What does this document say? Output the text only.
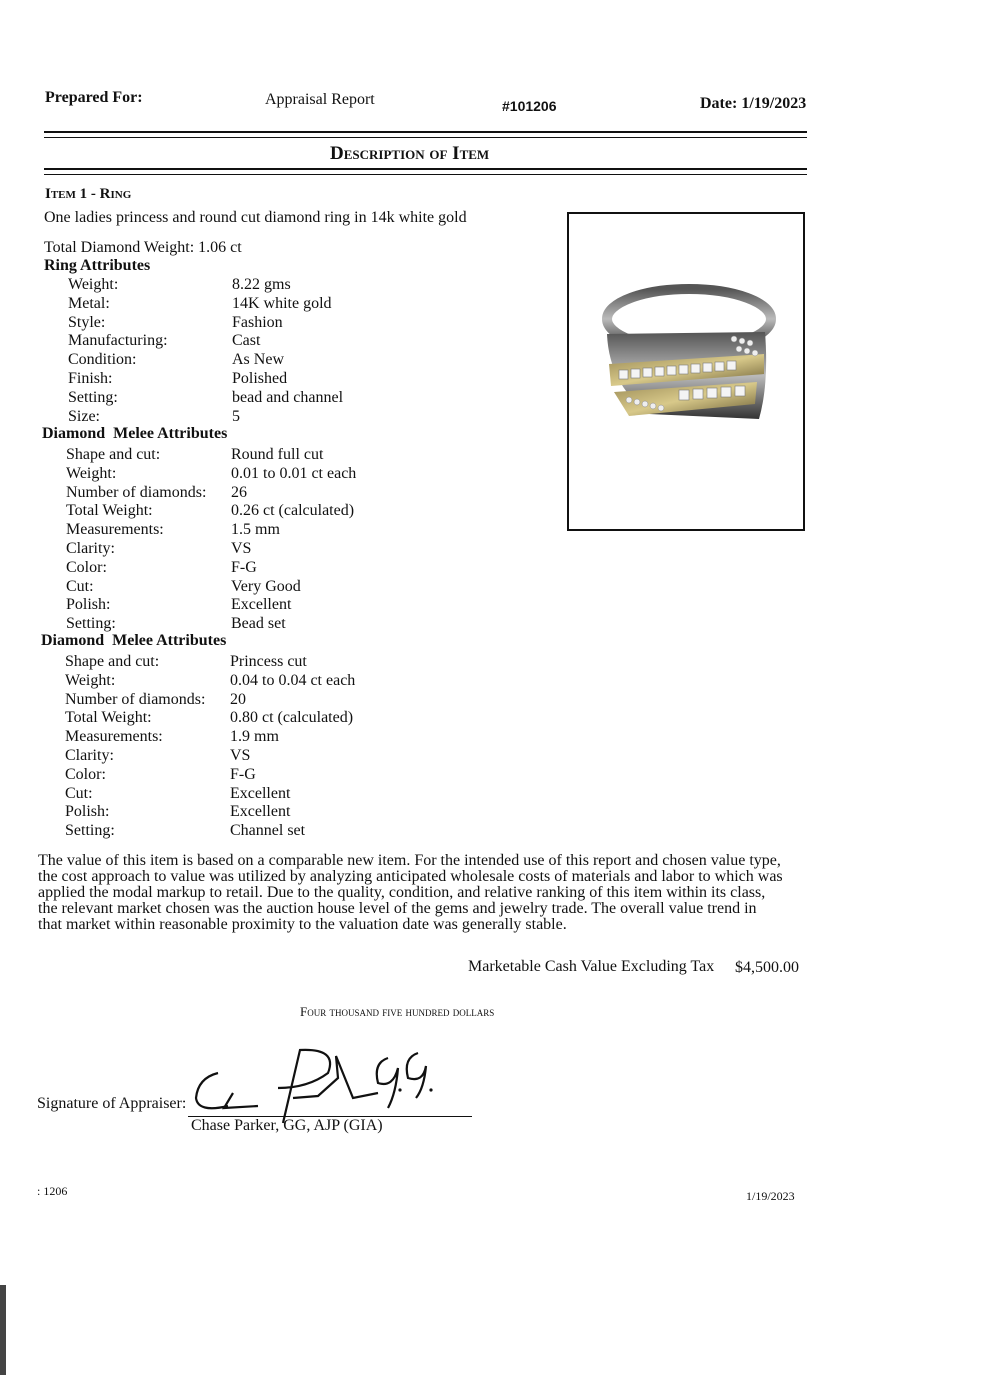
Prepared For:	Appraisal Report	#101206	Date: 1/19/2023
Description of Item
Item 1 - Ring
One ladies princess and round cut diamond ring in 14k white gold
Total Diamond Weight: 1.06 ct
Ring Attributes
Weight:	8.22 gms
Metal:	14K white gold
Style:	Fashion
Manufacturing:	Cast
Condition:	As New
Finish:	Polished
Setting:	bead and channel
Size:	5
Diamond  Melee Attributes
Shape and cut:	Round full cut
Weight:	0.01 to 0.01 ct each
Number of diamonds: 26
Total Weight:	0.26 ct (calculated)
Measurements:	1.5 mm
Clarity:	VS
Color:	F-G
Cut:	Very Good
Polish:	Excellent
Setting:	Bead set
Diamond  Melee Attributes
Shape and cut:	Princess cut
Weight:	0.04 to 0.04 ct each
Number of diamonds: 20
Total Weight:	0.80 ct (calculated)
Measurements:	1.9 mm
Clarity:	VS
Color:	F-G
Cut:	Excellent
Polish:	Excellent
Setting:	Channel set

The value of this item is based on a comparable new item. For the intended use of this report and chosen value type,

the cost approach to value was utilized by analyzing anticipated wholesale costs of materials and labor to which was

applied the modal markup to retail. Due to the quality, condition, and relative ranking of this item within its class,

the relevant market chosen was the auction house level of the gems and jewelry trade. The overall value trend in

that market within reasonable proximity to the valuation date was generally stable.

Marketable Cash Value Excluding Tax $4,500.00
Four thousand five hundred dollars
Signature of Appraiser:
Chase Parker, GG, AJP (GIA)
: 1206	1/19/2023
